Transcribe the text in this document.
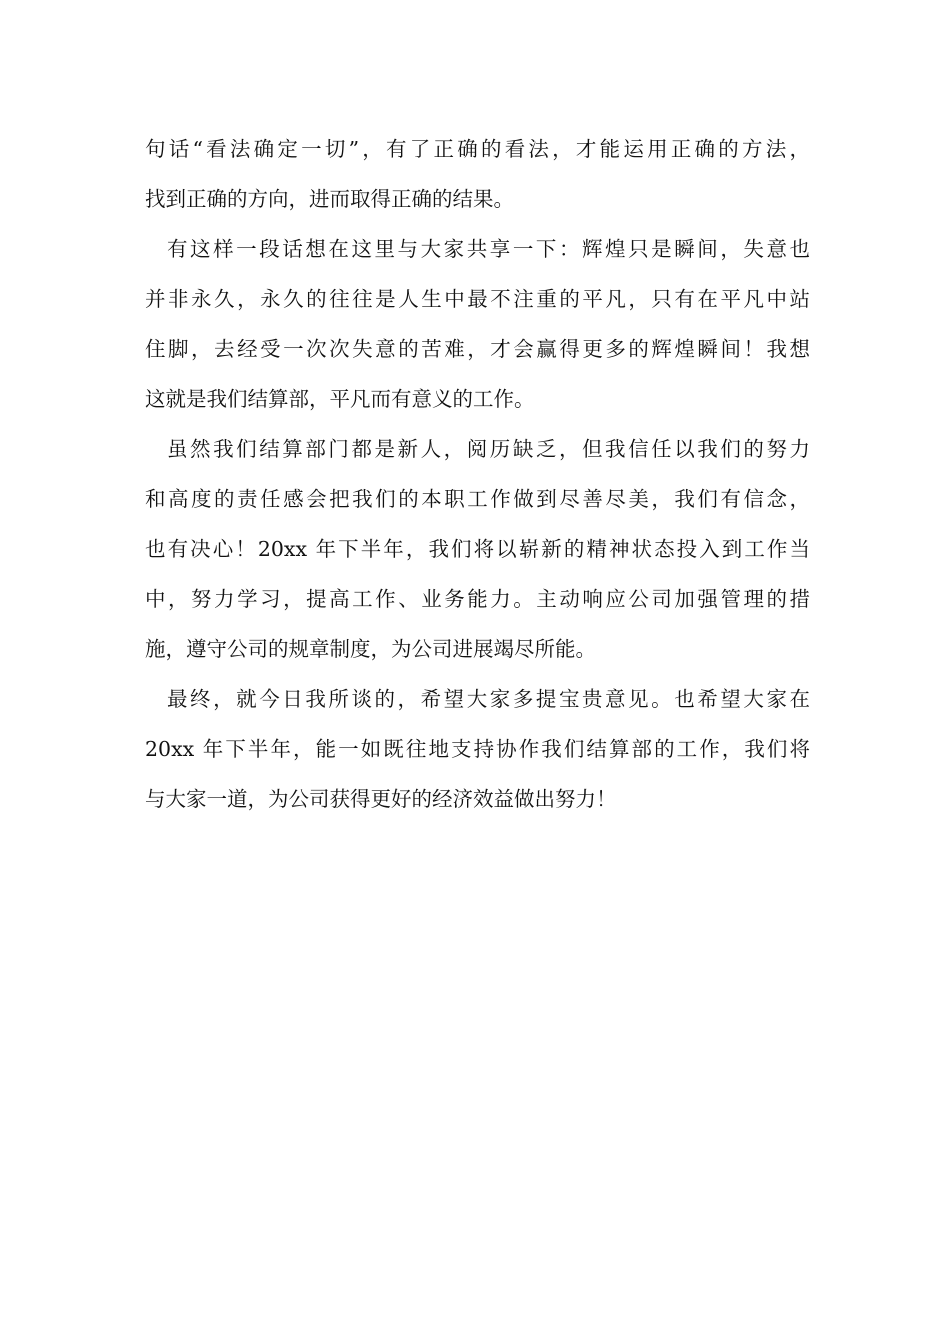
句话“看法确定一切”，有了正确的看法，才能运用正确的方法，
找到正确的方向，进而取得正确的结果。
有这样一段话想在这里与大家共享一下：辉煌只是瞬间，失意也
并非永久，永久的往往是人生中最不注重的平凡，只有在平凡中站
住脚，去经受一次次失意的苦难，才会赢得更多的辉煌瞬间！我想
这就是我们结算部，平凡而有意义的工作。
虽然我们结算部门都是新人，阅历缺乏，但我信任以我们的努力
和高度的责任感会把我们的本职工作做到尽善尽美，我们有信念，
也有决心！20xx 年下半年，我们将以崭新的精神状态投入到工作当
中，努力学习，提高工作、业务能力。主动响应公司加强管理的措
施，遵守公司的规章制度，为公司进展竭尽所能。
最终，就今日我所谈的，希望大家多提宝贵意见。也希望大家在
20xx 年下半年，能一如既往地支持协作我们结算部的工作，我们将
与大家一道，为公司获得更好的经济效益做出努力！
